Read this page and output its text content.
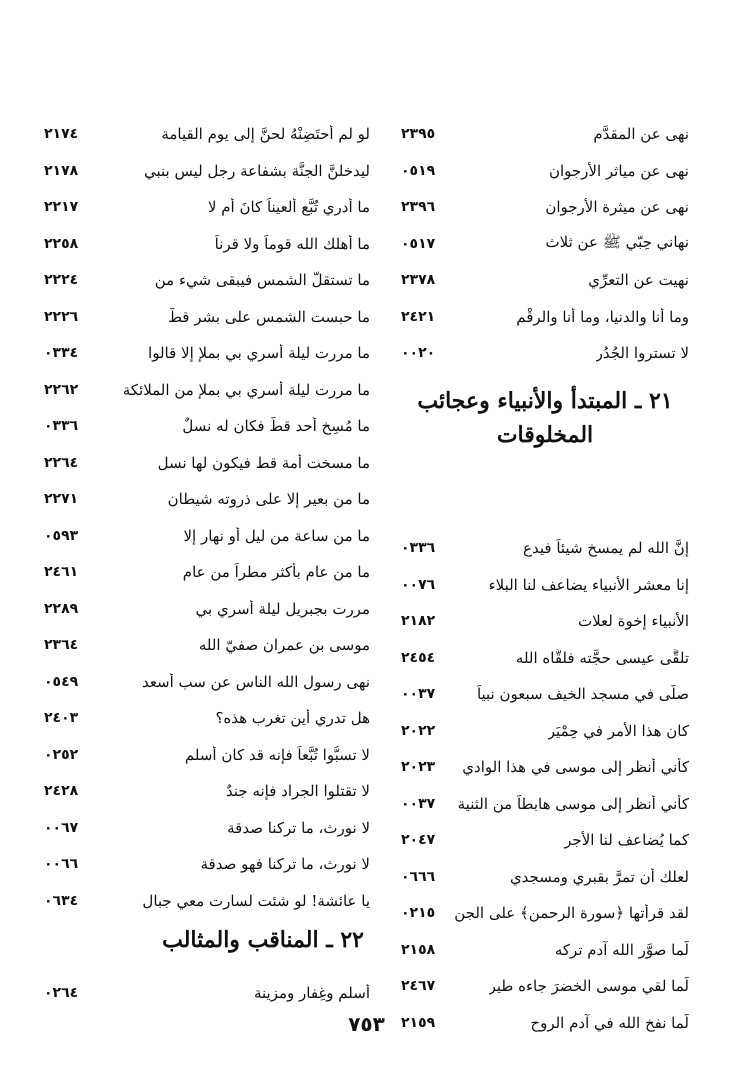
نهى عن المقدَّم
٢٣٩٥
نهى عن مياثر الأرجوان
٠٥١٩
نهى عن ميثرة الأرجوان
٢٣٩٦
نهاني حِبّي ﷺ عن ثلاث
٠٥١٧
نهيت عن التعرِّي
٢٣٧٨
وما أنا والدنيا، وما أنا والرقْم
٢٤٢١
لا تستروا الجُدُر
٠٠٢٠
٢١ ـ المبتدأ والأنبياء وعجائب المخلوقات
إنَّ الله لم يمسخ شيئاً فيدع
٠٣٣٦
إنا معشر الأنبياء يضاعف لنا البلاء
٠٠٧٦
الأنبياء إخوة لعلات
٢١٨٢
تلقَّى عيسى حجَّته فلقَّاه الله
٢٤٥٤
صلَّى في مسجد الخيف سبعون نبياً
٠٠٣٧
كان هذا الأمر في حِمْيَر
٢٠٢٢
كأني أنظر إلى موسى في هذا الوادي
٢٠٢٣
كأني أنظر إلى موسى هابطاً من الثنية
٠٠٣٧
كما يُضاعف لنا الأجر
٢٠٤٧
لعلك أن تمرَّ بقبري ومسجدي
٠٦٦٦
لقد قرأتها ﴿سورة الرحمن﴾ على الجن
٠٢١٥
لَّما صوَّر الله آدم تركه
٢١٥٨
لَّما لقي موسى الخضرَ جاءه طير
٢٤٦٧
لَّما نفخ الله في آدم الروح
٢١٥٩
لو لم أحتَضِنْهُ لحنَّ إلى يوم القيامة
٢١٧٤
ليدخلنَّ الجنَّة بشفاعة رجل ليس بنبي
٢١٧٨
ما أدري تُبَّع ألعيناً كانَ أم لا
٢٢١٧
ما أهلك الله قوماً ولا قرناً
٢٢٥٨
ما تستقلُّ الشمس فيبقى شيء من
٢٢٢٤
ما حبست الشمس على بشر قطّ
٢٢٢٦
ما مررت ليلة أسري بي بملإ إلا قالوا
٠٣٣٤
ما مررت ليلة أسري بي بملإ من الملائكة
٢٢٦٢
ما مُسِخ أحد قطُّ فكان له نسلٌ
٠٣٣٦
ما مسخت أمة قط فيكون لها نسل
٢٢٦٤
ما من بعير إلا على ذروته شيطان
٢٢٧١
ما من ساعة من ليل أو نهار إلا
٠٥٩٣
ما من عام بأكثر مطراً من عام
٢٤٦١
مررت بجبريل ليلة أسري بي
٢٢٨٩
موسى بن عمران صفيّ الله
٢٣٦٤
نهى رسول الله الناس عن سب أسعد
٠٥٤٩
هل تدري أين تغرب هذه؟
٢٤٠٣
لا تسبُّوا تُبَّعاً فإنه قد كان أسلم
٠٢٥٢
لا تقتلوا الجراد فإنه جندٌ
٢٤٢٨
لا نورث، ما تركنا صدقة
٠٠٦٧
لا نورث، ما تركنا فهو صدقة
٠٠٦٦
يا عائشة! لو شئت لسارت معي جبال
٠٦٣٤
٢٢ ـ المناقب والمثالب
أسلم وغِفار ومزينة
٠٢٦٤
٧٥٣
